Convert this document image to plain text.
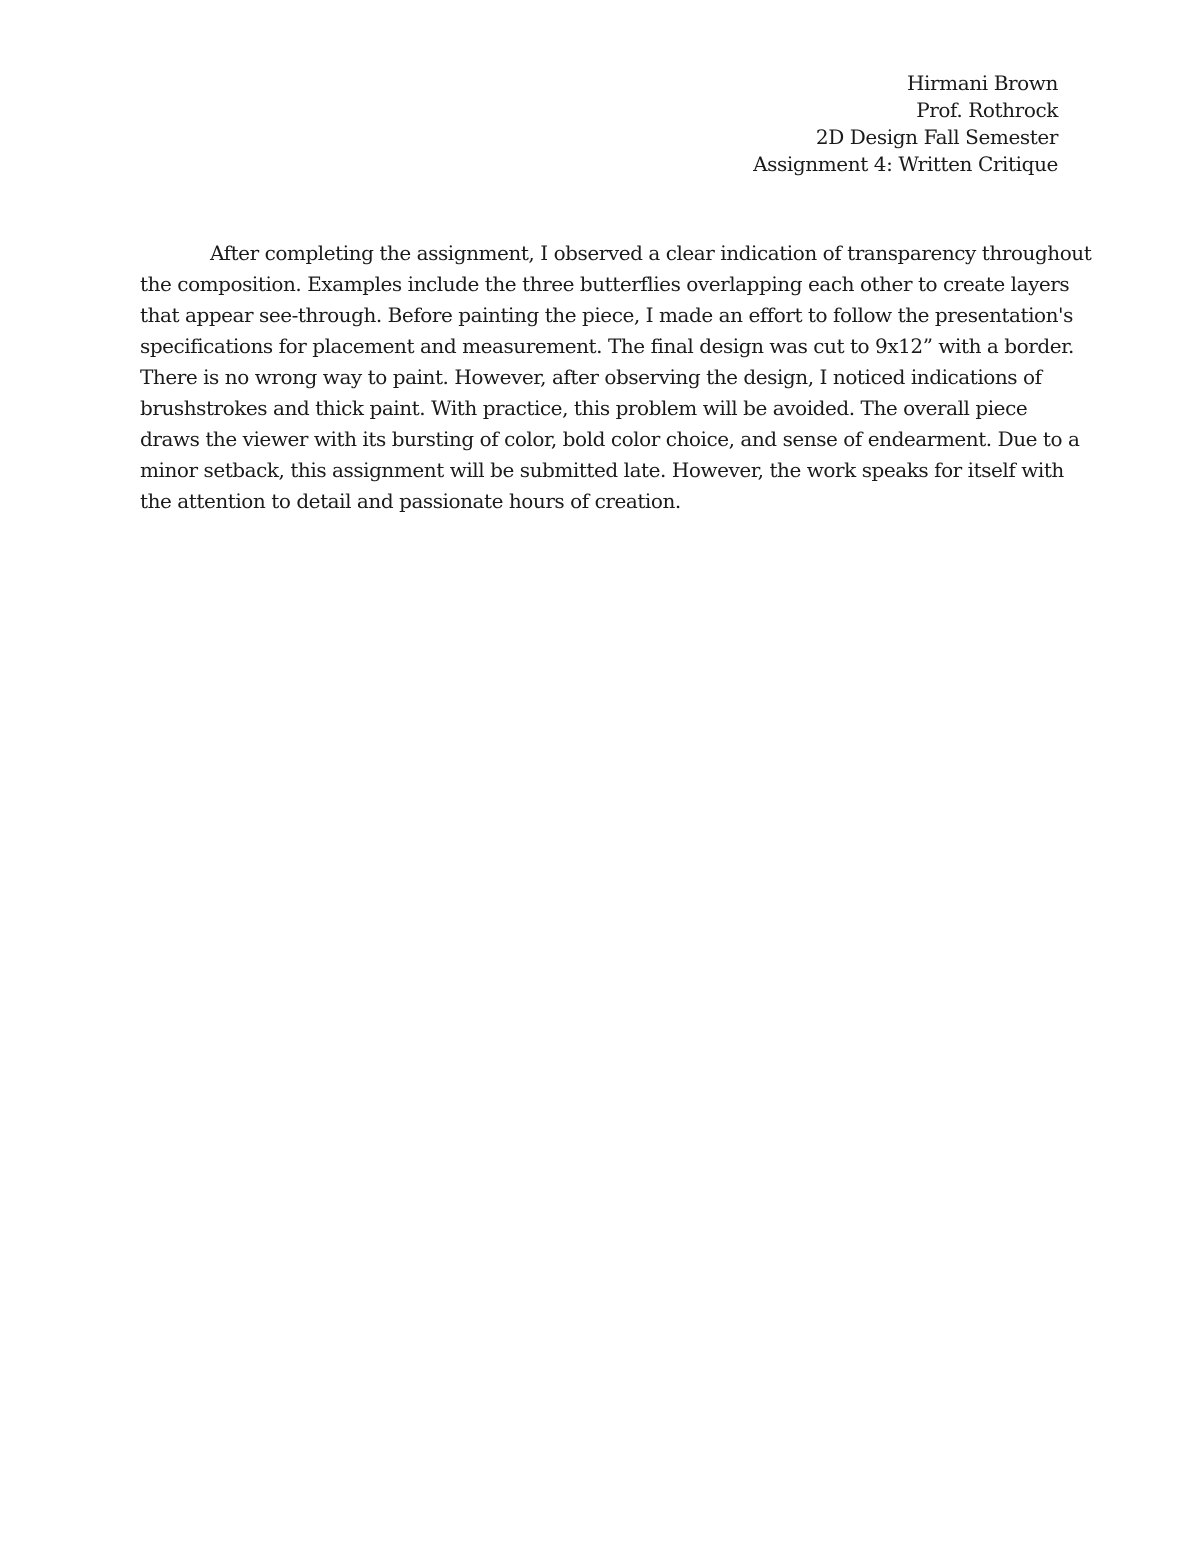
Hirmani Brown
Prof. Rothrock
2D Design Fall Semester
Assignment 4: Written Critique
After completing the assignment, I observed a clear indication of transparency throughout
the composition. Examples include the three butterflies overlapping each other to create layers
that appear see-through. Before painting the piece, I made an effort to follow the presentation's
specifications for placement and measurement. The final design was cut to 9x12” with a border.
There is no wrong way to paint. However, after observing the design, I noticed indications of
brushstrokes and thick paint. With practice, this problem will be avoided. The overall piece
draws the viewer with its bursting of color, bold color choice, and sense of endearment. Due to a
minor setback, this assignment will be submitted late. However, the work speaks for itself with
the attention to detail and passionate hours of creation.
